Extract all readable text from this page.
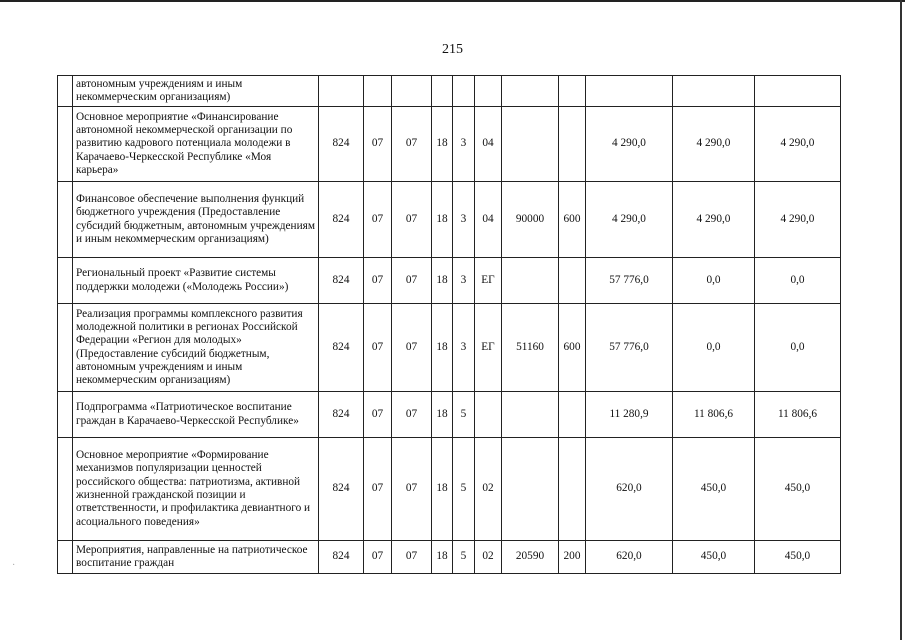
215
	автономным учреждениям и иным некоммерческим организациям)											
	Основное мероприятие «Финансирование автономной некоммерческой организации по развитию кадрового потенциала молодежи в Карачаево-Черкесской Республике «Моя карьера»	824	07	07	18	3	04			4 290,0	4 290,0	4 290,0
	Финансовое обеспечение выполнения функций бюджетного учреждения (Предоставление субсидий бюджетным, автономным учреждениям и иным некоммерческим организациям)	824	07	07	18	3	04	90000	600	4 290,0	4 290,0	4 290,0
	Региональный проект «Развитие системы поддержки молодежи («Молодежь России»)	824	07	07	18	3	ЕГ			57 776,0	0,0	0,0
	Реализация программы комплексного развития молодежной политики в регионах Российской Федерации «Регион для молодых» (Предоставление субсидий бюджетным, автономным учреждениям и иным некоммерческим организациям)	824	07	07	18	3	ЕГ	51160	600	57 776,0	0,0	0,0
	Подпрограмма «Патриотическое воспитание граждан в Карачаево-Черкесской Республике»	824	07	07	18	5				11 280,9	11 806,6	11 806,6
	Основное мероприятие «Формирование механизмов популяризации ценностей российского общества: патриотизма, активной жизненной гражданской позиции и ответственности, и профилактика девиантного и асоциального поведения»	824	07	07	18	5	02			620,0	450,0	450,0
	Мероприятия, направленные на патриотическое воспитание граждан	824	07	07	18	5	02	20590	200	620,0	450,0	450,0
·
